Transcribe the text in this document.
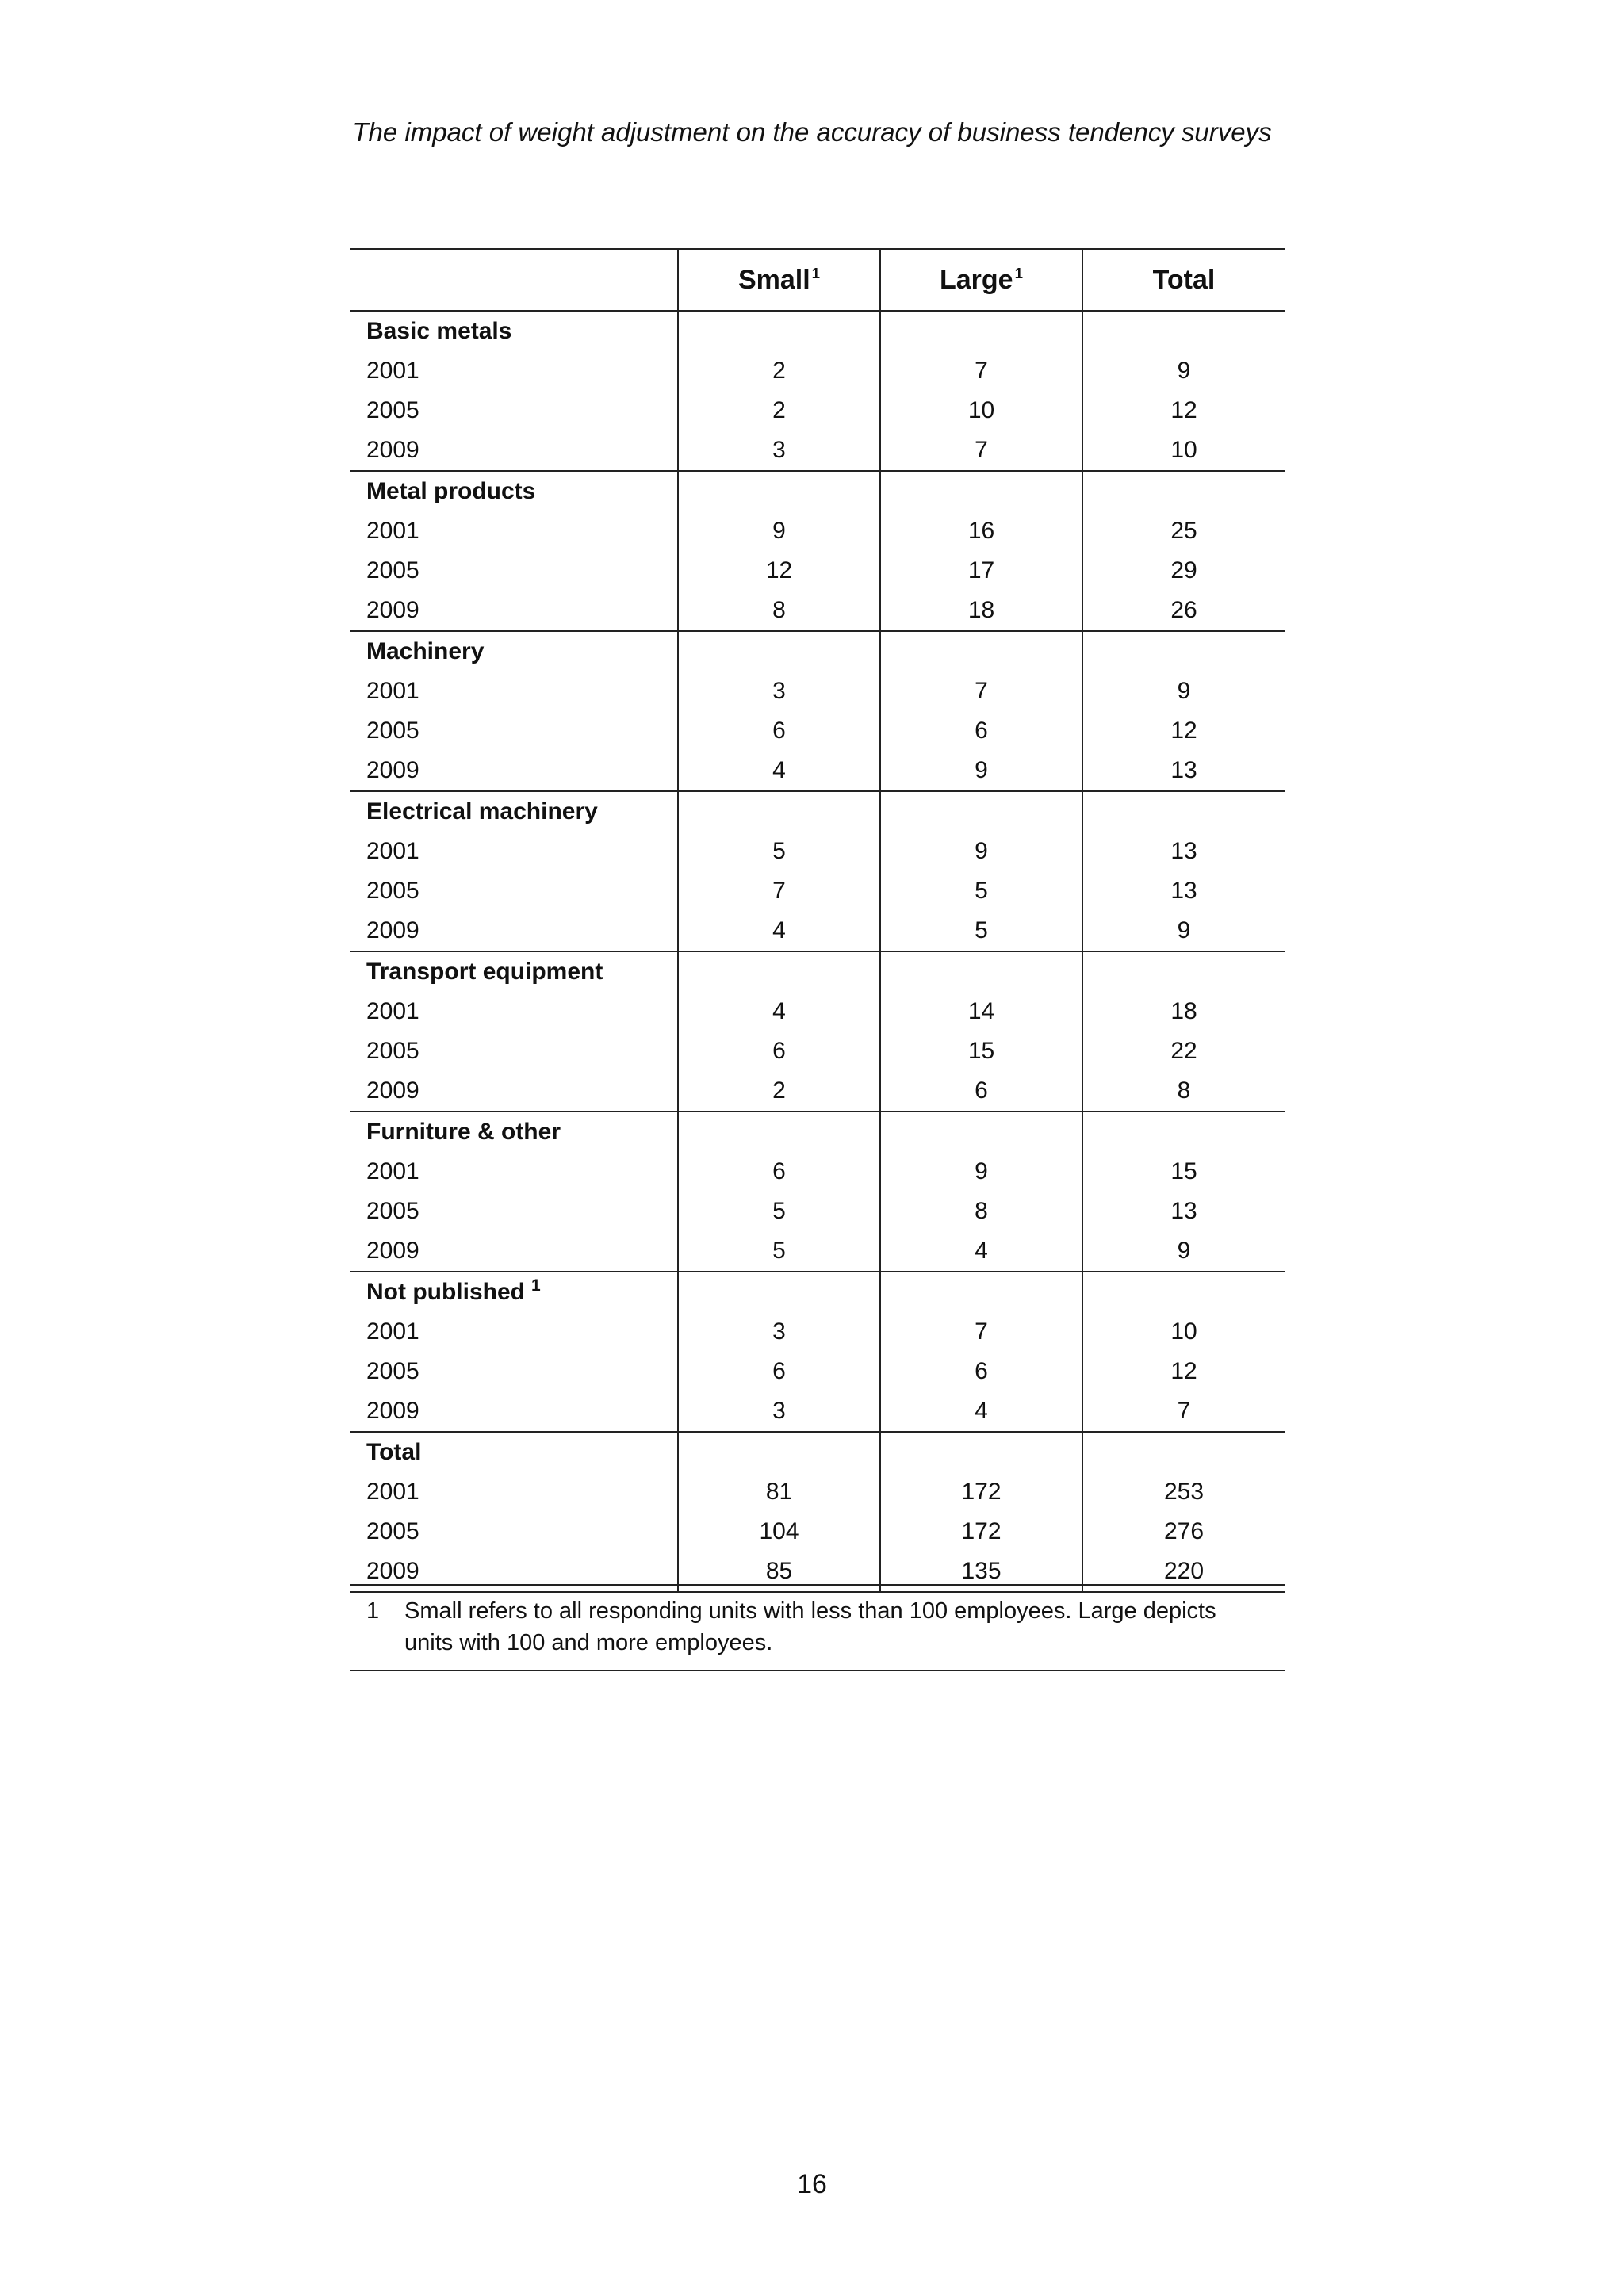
The impact of weight adjustment on the accuracy of business tendency surveys
	Small $^1$	Large $^1$	Total
Basic metals			
2001	2	7	9
2005	2	10	12
2009	3	7	10
Metal products			
2001	9	16	25
2005	12	17	29
2009	8	18	26
Machinery			
2001	3	7	9
2005	6	6	12
2009	4	9	13
Electrical machinery			
2001	5	9	13
2005	7	5	13
2009	4	5	9
Transport equipment			
2001	4	14	18
2005	6	15	22
2009	2	6	8
Furniture & other			
2001	6	9	15
2005	5	8	13
2009	5	4	9
Not published $^1$			
2001	3	7	10
2005	6	6	12
2009	3	4	7
Total			
2001	81	172	253
2005	104	172	276
2009	85	135	220
1	Small refers to all responding units with less than 100 employees. Large depicts units with 100 and more employees.
16
